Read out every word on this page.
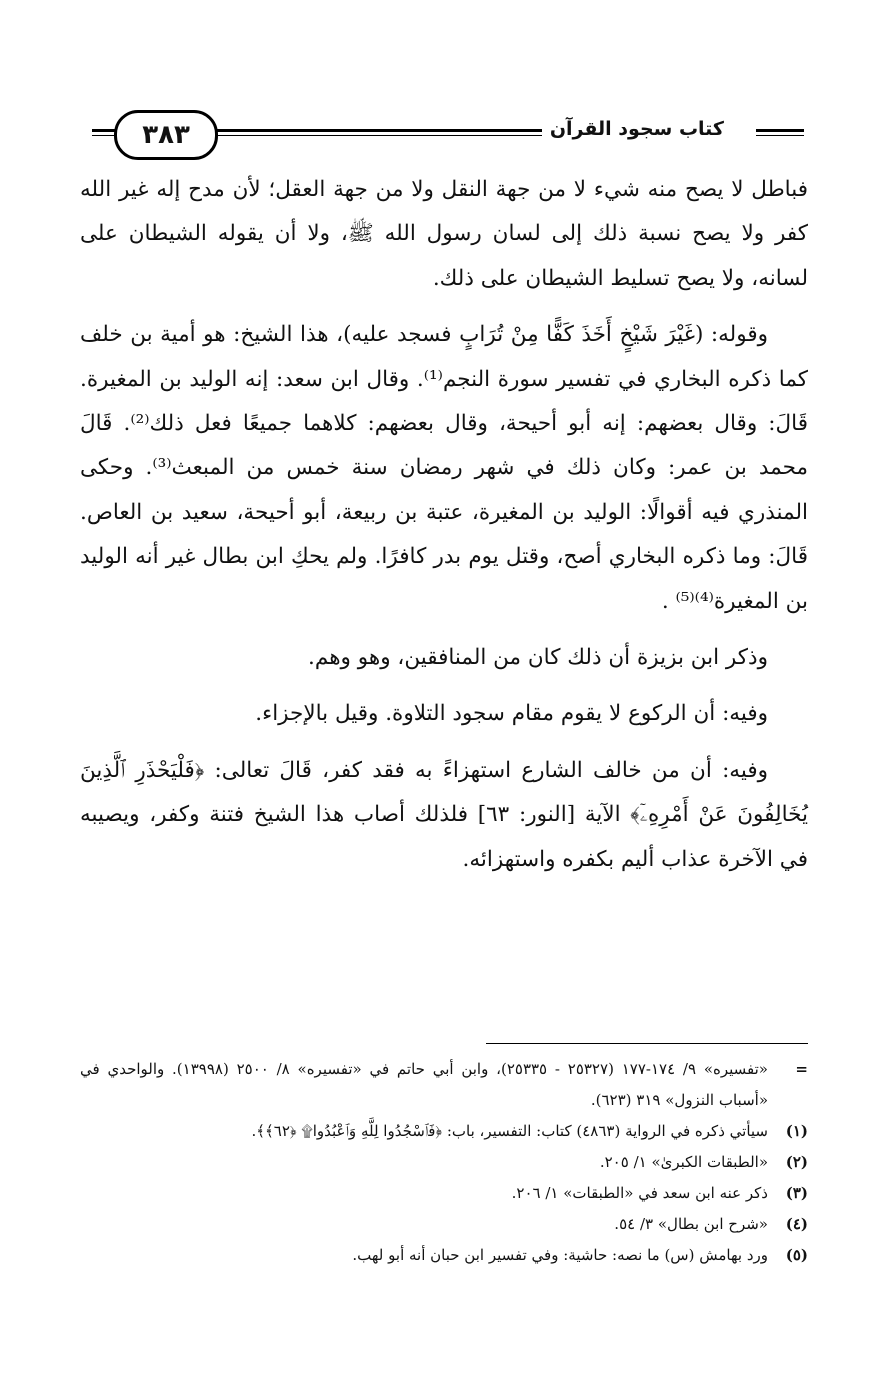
٣٨٣	كتاب سجود القرآن

فباطل لا يصح منه شيء لا من جهة النقل ولا من جهة العقل؛ لأن مدح إله غير الله كفر ولا يصح نسبة ذلك إلى لسان رسول الله ﷺ، ولا أن يقوله الشيطان على لسانه، ولا يصح تسليط الشيطان على ذلك.

وقوله: (غَيْرَ شَيْخٍ أَخَذَ كَفًّا مِنْ تُرَابٍ فسجد عليه)، هذا الشيخ: هو أمية بن خلف كما ذكره البخاري في تفسير سورة النجم⁽¹⁾. وقال ابن سعد: إنه الوليد بن المغيرة. قَالَ: وقال بعضهم: إنه أبو أحيحة، وقال بعضهم: كلاهما جميعًا فعل ذلك⁽²⁾. قَالَ محمد بن عمر: وكان ذلك في شهر رمضان سنة خمس من المبعث⁽³⁾. وحكى المنذري فيه أقوالًا: الوليد بن المغيرة، عتبة بن ربيعة، أبو أحيحة، سعيد بن العاص. قَالَ: وما ذكره البخاري أصح، وقتل يوم بدر كافرًا. ولم يحكِ ابن بطال غير أنه الوليد بن المغيرة⁽⁴⁾⁽⁵⁾ .

وذكر ابن بزيزة أن ذلك كان من المنافقين، وهو وهم.

وفيه: أن الركوع لا يقوم مقام سجود التلاوة. وقيل بالإجزاء.

وفيه: أن من خالف الشارع استهزاءً به فقد كفر، قَالَ تعالى: ﴿فَلْيَحْذَرِ ٱلَّذِينَ يُخَالِفُونَ عَنْ أَمْرِهِۦٓ﴾ الآية [النور: ٦٣] فلذلك أصاب هذا الشيخ فتنة وكفر، ويصيبه في الآخرة عذاب أليم بكفره واستهزائه.

=
«تفسيره» ٩/ ١٧٤-١٧٧ (٢٥٣٢٧ - ٢٥٣٣٥)، وابن أبي حاتم في «تفسيره» ٨/ ٢٥٠٠ (١٣٩٩٨). والواحدي في «أسباب النزول» ٣١٩ (٦٢٣).
(١)
سيأتي ذكره في الرواية (٤٨٦٣) كتاب: التفسير، باب: ﴿فَٱسْجُدُوا لِلَّهِ وَٱعْبُدُوا۩ ﴿٦٢﴾﴾.
(٢)
«الطبقات الكبرىٰ» ١/ ٢٠٥.
(٣)
ذكر عنه ابن سعد في «الطبقات» ١/ ٢٠٦.
(٤)
«شرح ابن بطال» ٣/ ٥٤.
(٥)
ورد بهامش (س) ما نصه: حاشية: وفي تفسير ابن حبان أنه أبو لهب.
